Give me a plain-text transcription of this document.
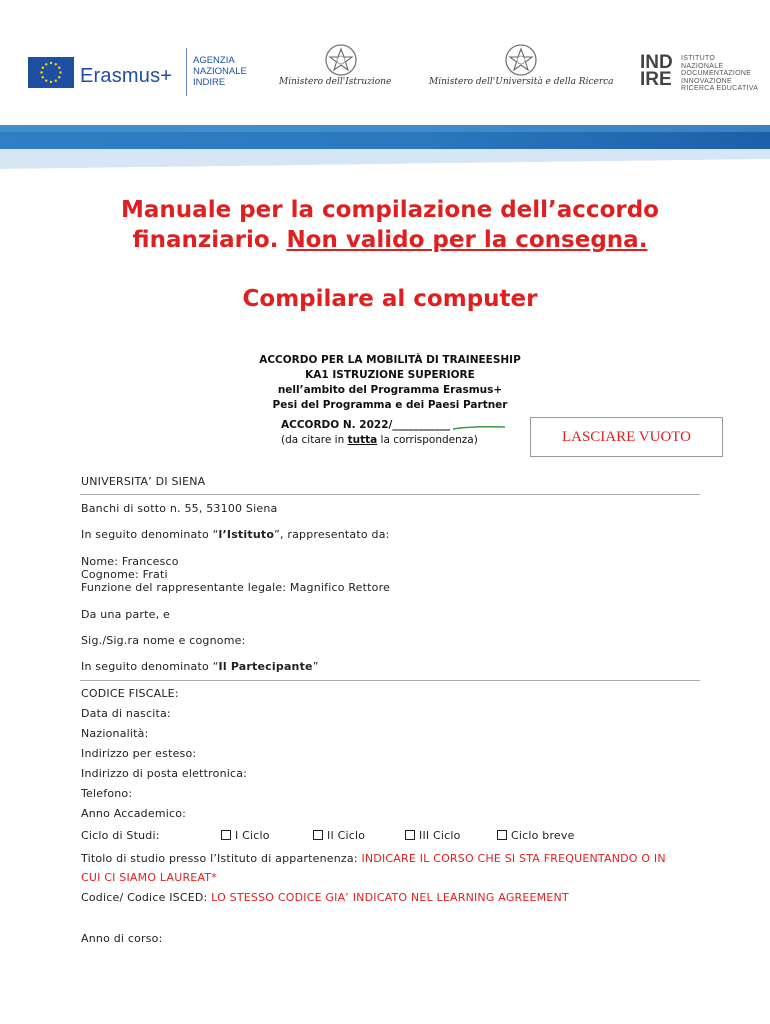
Erasmus+
AGENZIA
NAZIONALE
INDIRE	Ministero dell'Istruzione	Ministero dell'Università e della Ricerca
IND
IRE
ISTITUTO
NAZIONALE
DOCUMENTAZIONE
INNOVAZIONE
RICERCA EDUCATIVA
Manuale per la compilazione dell’accordo
finanziario. Non valido per la consegna.
Compilare al computer
ACCORDO PER LA MOBILITÀ DI TRAINEESHIP
KA1 ISTRUZIONE SUPERIORE
nell’ambito del Programma Erasmus+
Pesi del Programma e dei Paesi Partner
ACCORDO N. 2022/___________
(da citare in tutta la corrispondenza)	LASCIARE VUOTO
UNIVERSITA’ DI SIENA
Banchi di sotto n. 55, 53100 Siena
In seguito denominato “l’Istituto”, rappresentato da:
Nome: Francesco
Cognome: Frati
Funzione del rappresentante legale: Magnifico Rettore
Da una parte, e
Sig./Sig.ra nome e cognome:
In seguito denominato “Il Partecipante”
CODICE FISCALE:
Data di nascita:
Nazionalità:
Indirizzo per esteso:
Indirizzo di posta elettronica:
Telefono:
Anno Accademico:
Ciclo di Studi:	I Ciclo	II Ciclo	III Ciclo	Ciclo breve
Titolo di studio presso l’Istituto di appartenenza: INDICARE IL CORSO CHE SI STA FREQUENTANDO O IN
CUI CI SIAMO LAUREAT*
Codice/ Codice ISCED: LO STESSO CODICE GIA’ INDICATO NEL LEARNING AGREEMENT
Anno di corso:
